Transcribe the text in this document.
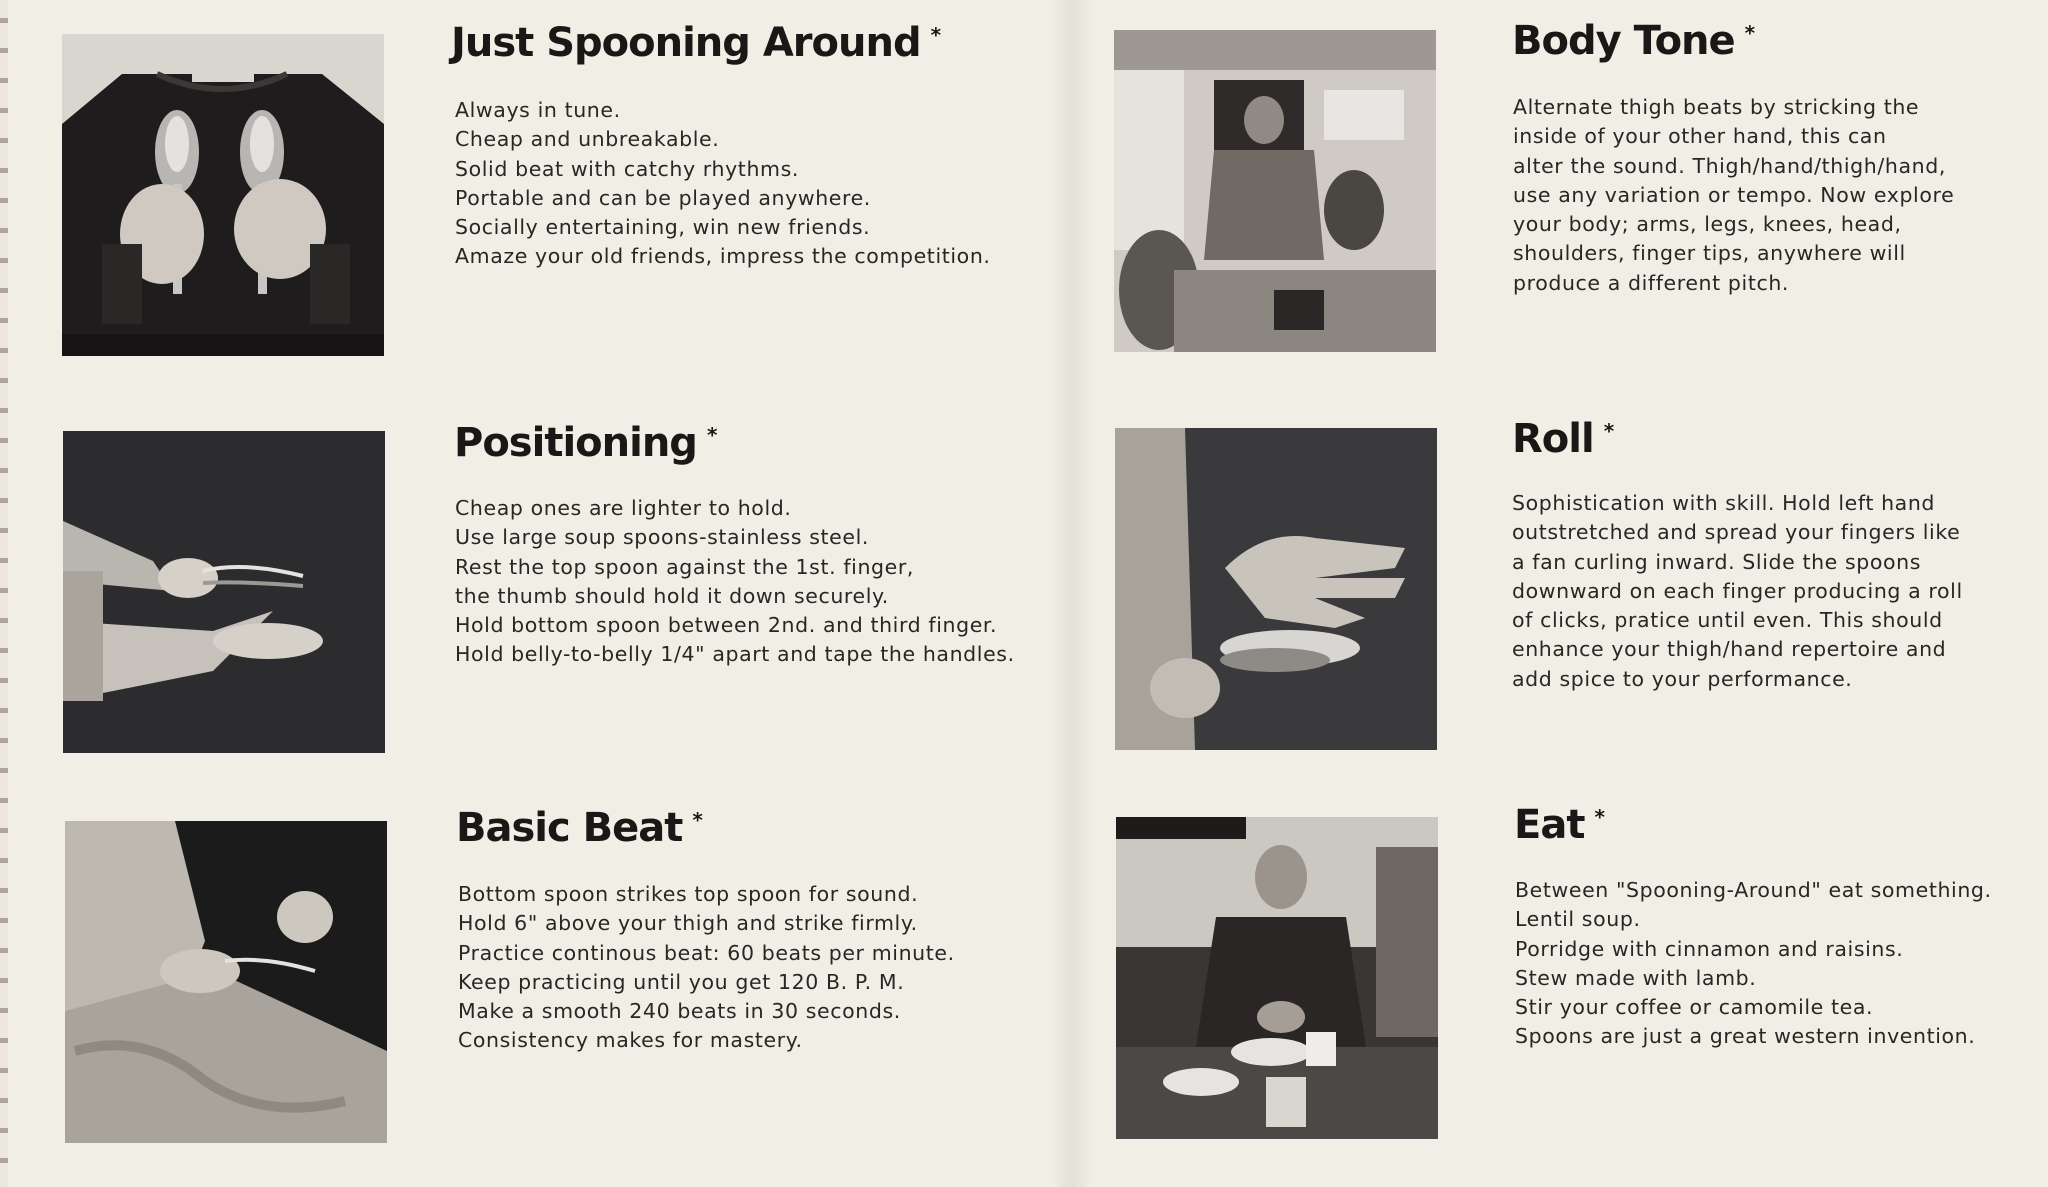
Just Spooning Around *
Always in tune.
Cheap and unbreakable.
Solid beat with catchy rhythms.
Portable and can be played anywhere.
Socially entertaining, win new friends.
Amaze your old friends, impress the competition.
Positioning *
Cheap ones are lighter to hold.
Use large soup spoons-stainless steel.
Rest the top spoon against the 1st. finger,
the thumb should hold it down securely.
Hold bottom spoon between 2nd. and third finger.
Hold belly-to-belly 1/4" apart and tape the handles.
Basic Beat *
Bottom spoon strikes top spoon for sound.
Hold 6" above your thigh and strike firmly.
Practice continous beat: 60 beats per minute.
Keep practicing until you get 120 B. P. M.
Make a smooth 240 beats in 30 seconds.
Consistency makes for mastery.
Body Tone *
Alternate thigh beats by stricking the
inside of your other hand, this can
alter the sound. Thigh/hand/thigh/hand,
use any variation or tempo. Now explore
your body; arms, legs, knees, head,
shoulders, finger tips, anywhere will
produce a different pitch.
Roll *
Sophistication with skill. Hold left hand
outstretched and spread your fingers like
a fan curling inward. Slide the spoons
downward on each finger producing a roll
of clicks, pratice until even. This should
enhance your thigh/hand repertoire and
add spice to your performance.
Eat *
Between "Spooning-Around" eat something.
Lentil soup.
Porridge with cinnamon and raisins.
Stew made with lamb.
Stir your coffee or camomile tea.
Spoons are just a great western invention.
